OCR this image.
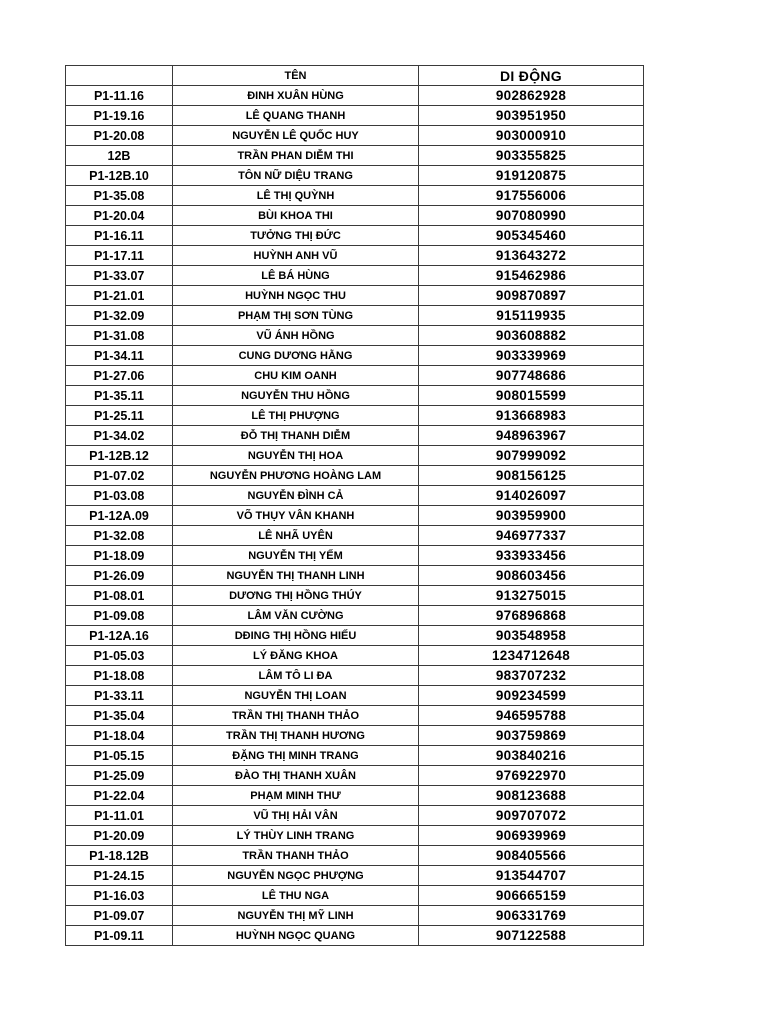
	TÊN	DI ĐỘNG
P1-11.16	ĐINH XUÂN HÙNG	902862928
P1-19.16	LÊ QUANG THANH	903951950
P1-20.08	NGUYỄN LÊ QUỐC HUY	903000910
12B	TRẦN PHAN DIỄM THI	903355825
P1-12B.10	TÔN NỮ DIỆU TRANG	919120875
P1-35.08	LÊ THỊ QUỲNH	917556006
P1-20.04	BÙI KHOA THI	907080990
P1-16.11	TƯỞNG THỊ ĐỨC	905345460
P1-17.11	HUỲNH ANH VŨ	913643272
P1-33.07	LÊ BÁ HÙNG	915462986
P1-21.01	HUỲNH NGỌC THU	909870897
P1-32.09	PHẠM THỊ SƠN TÙNG	915119935
P1-31.08	VŨ ÁNH HỒNG	903608882
P1-34.11	CUNG DƯƠNG HẰNG	903339969
P1-27.06	CHU KIM OANH	907748686
P1-35.11	NGUYỄN THU HỒNG	908015599
P1-25.11	LÊ THỊ PHƯỢNG	913668983
P1-34.02	ĐỖ THỊ THANH DIỄM	948963967
P1-12B.12	NGUYỄN THỊ HOA	907999092
P1-07.02	NGUYỄN PHƯƠNG HOÀNG LAM	908156125
P1-03.08	NGUYỄN ĐÌNH CẢ	914026097
P1-12A.09	VÕ THỤY VÂN KHANH	903959900
P1-32.08	LÊ NHÃ UYÊN	946977337
P1-18.09	NGUYỄN THỊ YẾM	933933456
P1-26.09	NGUYỄN THỊ THANH LINH	908603456
P1-08.01	DƯƠNG THỊ HỒNG THÚY	913275015
P1-09.08	LÂM VĂN CƯỜNG	976896868
P1-12A.16	DĐING THỊ HỒNG HIẾU	903548958
P1-05.03	LÝ ĐĂNG KHOA	1234712648
P1-18.08	LÂM TÔ LI ĐA	983707232
P1-33.11	NGUYỄN THỊ LOAN	909234599
P1-35.04	TRẦN THỊ THANH THẢO	946595788
P1-18.04	TRẦN THỊ THANH HƯƠNG	903759869
P1-05.15	ĐẶNG THỊ MINH TRANG	903840216
P1-25.09	ĐÀO THỊ THANH XUÂN	976922970
P1-22.04	PHẠM MINH THƯ	908123688
P1-11.01	VŨ THỊ HẢI VÂN	909707072
P1-20.09	LÝ THÙY LINH TRANG	906939969
P1-18.12B	TRẦN THANH THẢO	908405566
P1-24.15	NGUYỄN NGỌC PHƯỢNG	913544707
P1-16.03	LÊ THU NGA	906665159
P1-09.07	NGUYỄN THỊ MỸ LINH	906331769
P1-09.11	HUỲNH NGỌC QUANG	907122588
